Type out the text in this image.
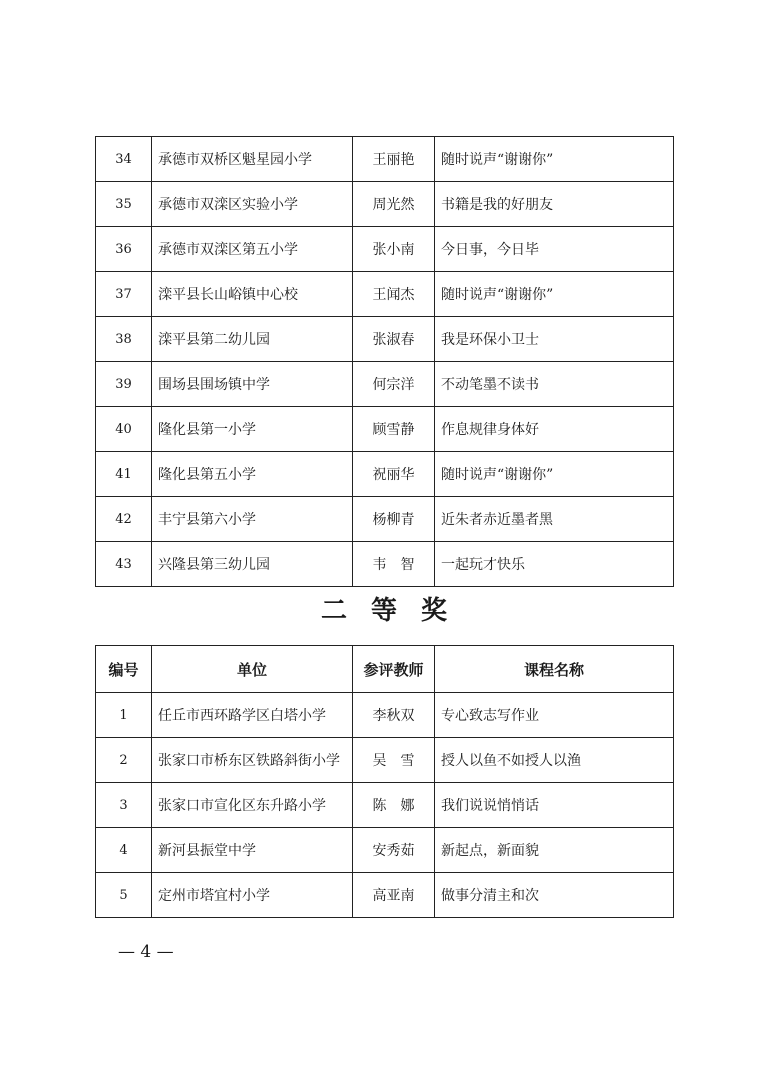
34	承德市双桥区魁星园小学	王丽艳	随时说声“谢谢你”
35	承德市双滦区实验小学	周光然	书籍是我的好朋友
36	承德市双滦区第五小学	张小南	今日事，今日毕
37	滦平县长山峪镇中心校	王闻杰	随时说声“谢谢你”
38	滦平县第二幼儿园	张淑春	我是环保小卫士
39	围场县围场镇中学	何宗洋	不动笔墨不读书
40	隆化县第一小学	顾雪静	作息规律身体好
41	隆化县第五小学	祝丽华	随时说声“谢谢你”
42	丰宁县第六小学	杨柳青	近朱者赤近墨者黑
43	兴隆县第三幼儿园	韦　智	一起玩才快乐
二等奖
编号	单位	参评教师	课程名称
1	任丘市西环路学区白塔小学	李秋双	专心致志写作业
2	张家口市桥东区铁路斜街小学	吴　雪	授人以鱼不如授人以渔
3	张家口市宣化区东升路小学	陈　娜	我们说说悄悄话
4	新河县振堂中学	安秀茹	新起点，新面貌
5	定州市塔宜村小学	高亚南	做事分清主和次
— 4 —
